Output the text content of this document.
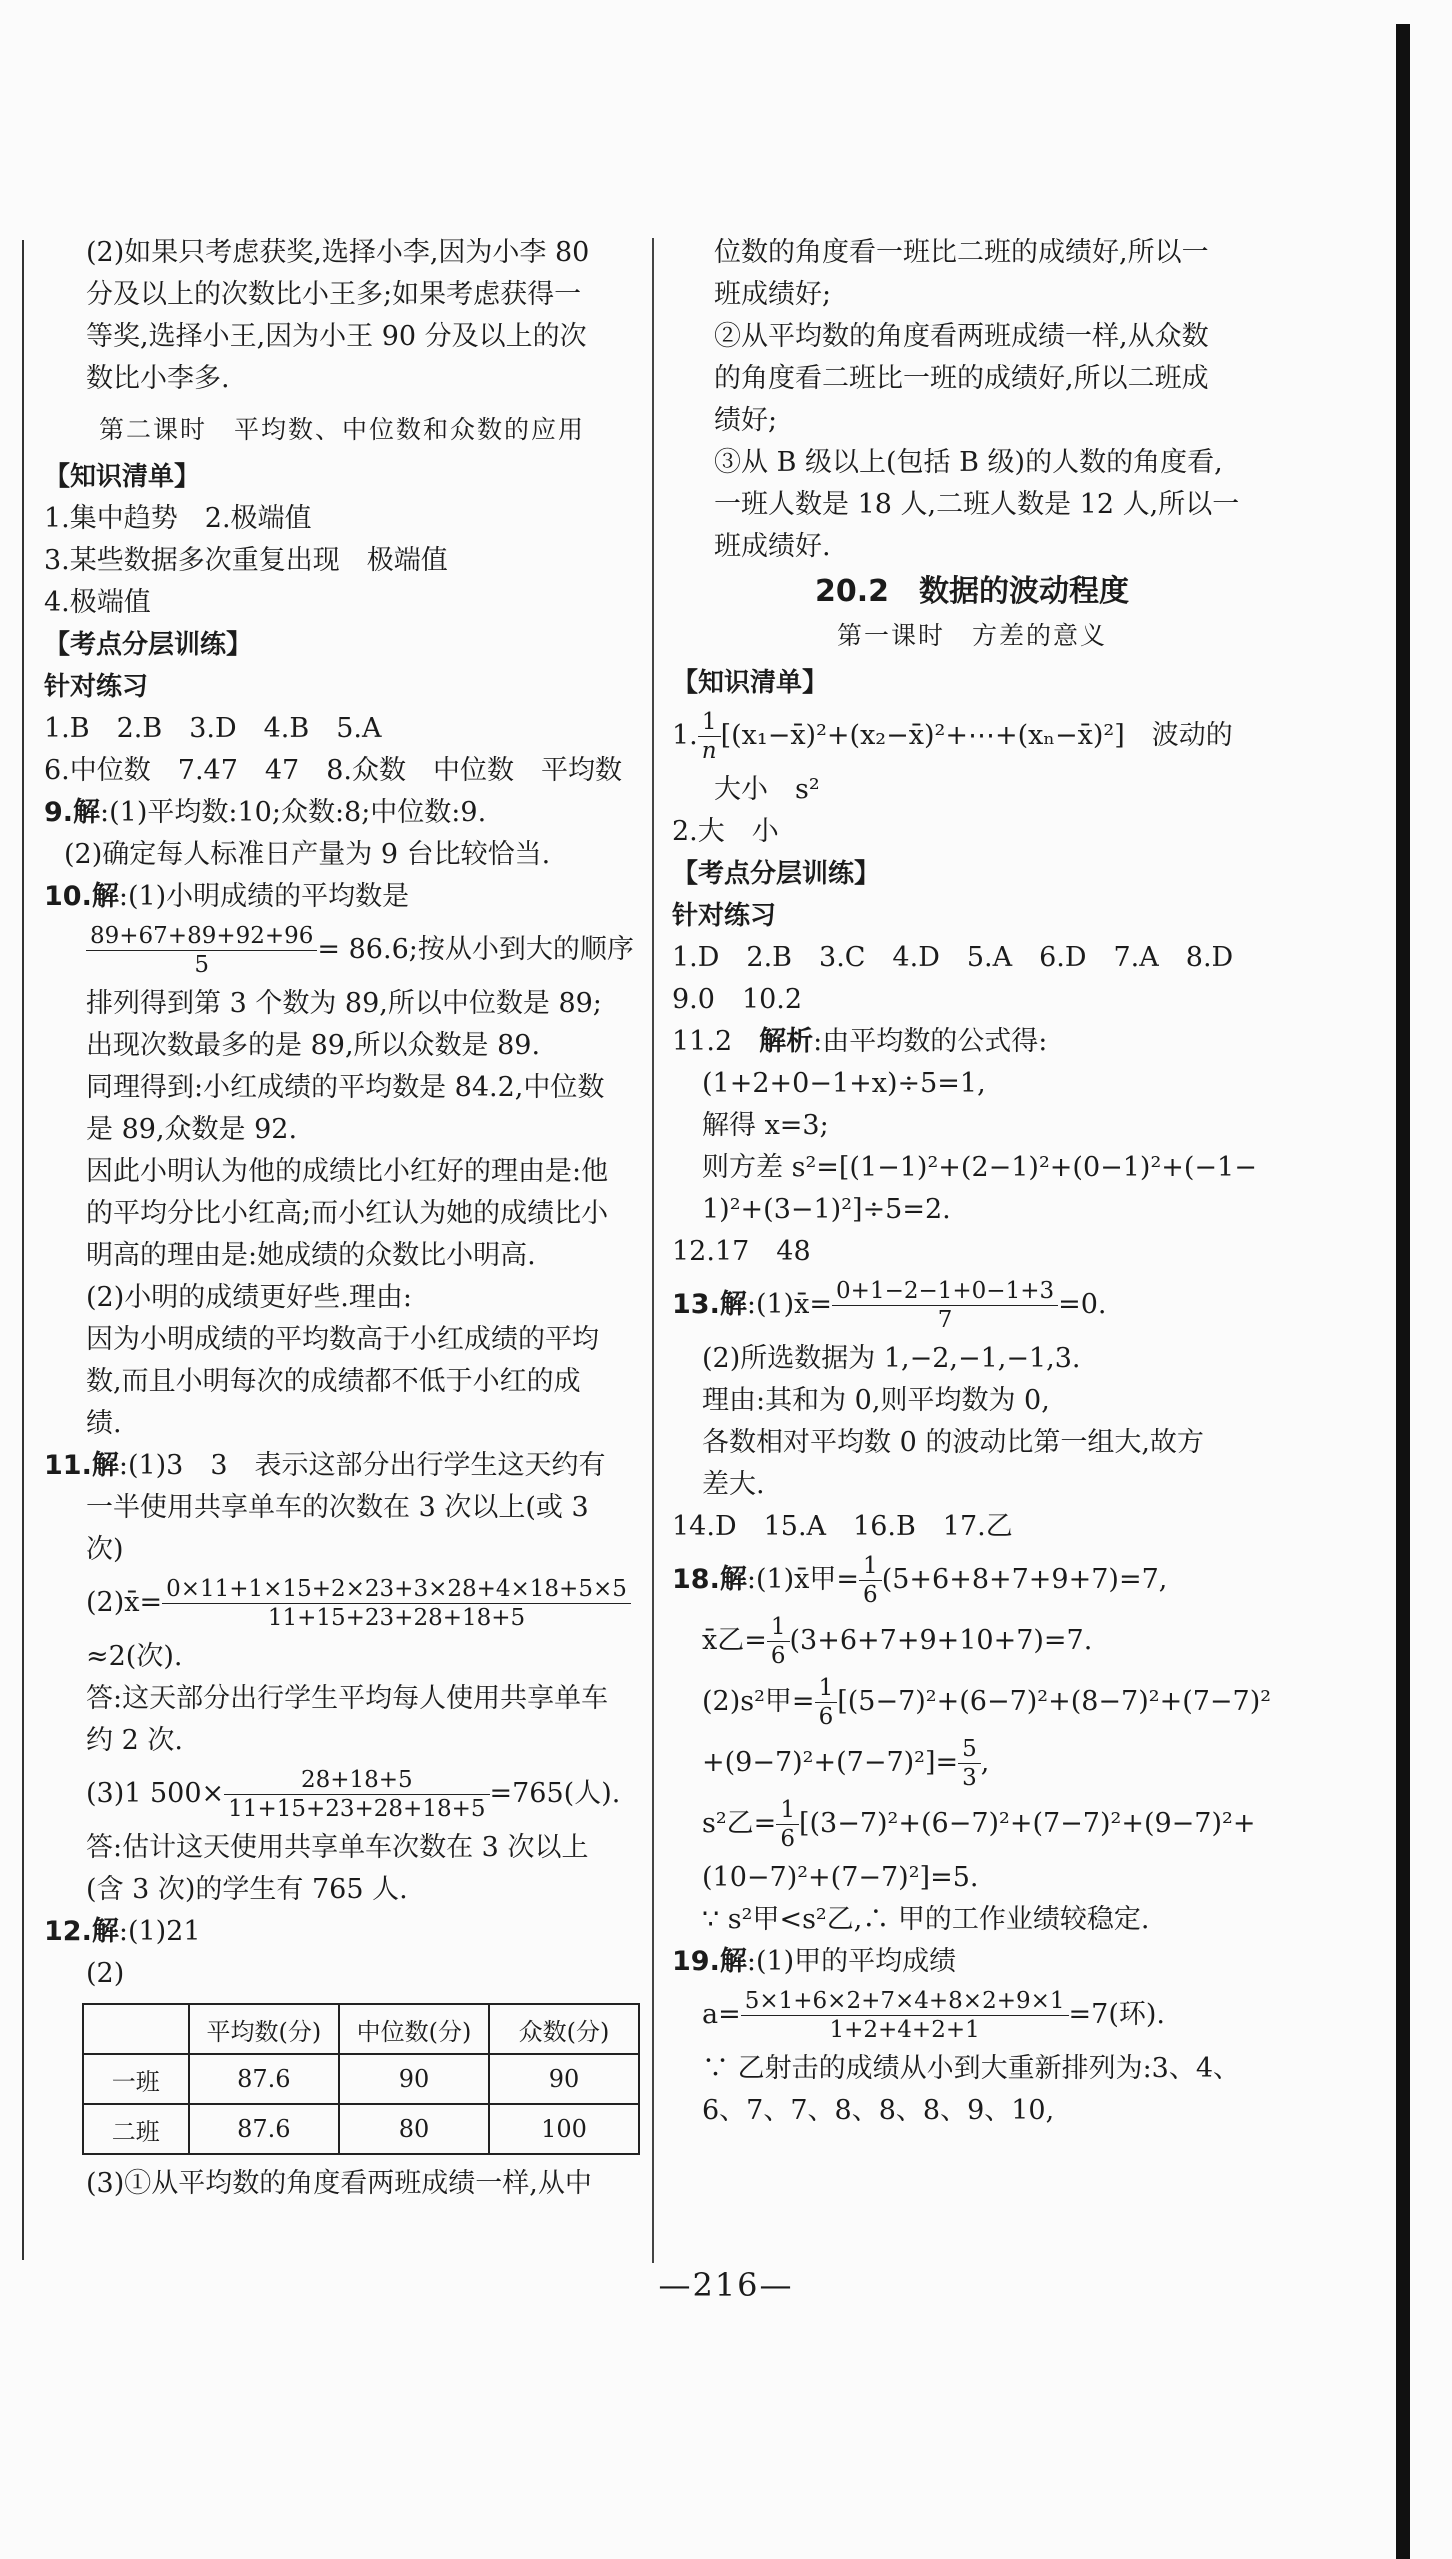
(2)如果只考虑获奖,选择小李,因为小李 80
分及以上的次数比小王多;如果考虑获得一
等奖,选择小王,因为小王 90 分及以上的次
数比小李多.
第二课时　平均数、中位数和众数的应用
【知识清单】
1.集中趋势　2.极端值
3.某些数据多次重复出现　极端值
4.极端值
【考点分层训练】
针对练习
1.B　2.B　3.D　4.B　5.A
6.中位数　7.47　47　8.众数　中位数　平均数
9.解:(1)平均数:10;众数:8;中位数:9.
(2)确定每人标准日产量为 9 台比较恰当.
10.解:(1)小明成绩的平均数是
$\frac{89+67+89+92+96}{5} = 86.6$;按从小到大的顺序
排列得到第 3 个数为 89,所以中位数是 89;
出现次数最多的是 89,所以众数是 89.
同理得到:小红成绩的平均数是 84.2,中位数
是 89,众数是 92.
因此小明认为他的成绩比小红好的理由是:他
的平均分比小红高;而小红认为她的成绩比小
明高的理由是:她成绩的众数比小明高.
(2)小明的成绩更好些.理由:
因为小明成绩的平均数高于小红成绩的平均
数,而且小明每次的成绩都不低于小红的成
绩.
11.解:(1)3　3　表示这部分出行学生这天约有
一半使用共享单车的次数在 3 次以上(或 3
次)
(2)x̄= $\frac{0\times 11+1\times 15+2\times 23+3\times 28+4\times 18+5\times 5}{11+15+23+28+18+5}$
≈2(次).
答:这天部分出行学生平均每人使用共享单车
约 2 次.
(3)1 $500\times \frac{28+18+5}{11+15+23+28+18+5} =765$(人).
答:估计这天使用共享单车次数在 3 次以上
(含 3 次)的学生有 765 人.
12.解:(1)21
(2)
	平均数(分)	中位数(分)	众数(分)
一班	87.6	90	90
二班	87.6	80	100
(3)①从平均数的角度看两班成绩一样,从中
位数的角度看一班比二班的成绩好,所以一
班成绩好;
②从平均数的角度看两班成绩一样,从众数
的角度看二班比一班的成绩好,所以二班成
绩好;
③从 B 级以上(包括 B 级)的人数的角度看,
一班人数是 18 人,二班人数是 12 人,所以一
班成绩好.
20.2　数据的波动程度
第一课时　方差的意义
【知识清单】
1. $\frac{1}{n}$ [(x₁−x̄)²+(x₂−x̄)²+⋯+(xₙ−x̄)²]　波动的
大小　s²
2.大　小
【考点分层训练】
针对练习
1.D　2.B　3.C　4.D　5.A　6.D　7.A　8.D
9.0　10.2
11.2　解析:由平均数的公式得:
(1+2+0−1+x)÷5=1,
解得 x=3;
则方差 s²=[(1−1)²+(2−1)²+(0−1)²+(−1−
1)²+(3−1)²]÷5=2.
12.17　48
13.解:(1)x̄= $\frac{0+1-2-1+0-1+3}{7} =0$.
(2)所选数据为 1,−2,−1,−1,3.
理由:其和为 0,则平均数为 0,
各数相对平均数 0 的波动比第一组大,故方
差大.
14.D　15.A　16.B　17.乙
18.解:(1)x̄甲= $\frac{1}{6} (5+6+8+7+9+7)=7$,
x̄乙= $\frac{1}{6} (3+6+7+9+10+7)=7$.
(2)s²甲= $\frac{1}{6} [(5-7)^2+(6-7)^2+(8-7)^2+(7-7)^2$
$+(9-7)^2+(7-7)^2]= \frac{5}{3}$ ,
s²乙= $\frac{1}{6} [(3-7)^2+(6-7)^2+(7-7)^2+(9-7)^2+$
(10−7)²+(7−7)²]=5.
∵ s²甲<s²乙,∴ 甲的工作业绩较稳定.
19.解:(1)甲的平均成绩
$a= \frac{5\times 1+6\times 2+7\times 4+8\times 2+9\times 1}{1+2+4+2+1} =7$(环).
∵ 乙射击的成绩从小到大重新排列为:3、4、
6、7、7、8、8、8、9、10,
—216—
